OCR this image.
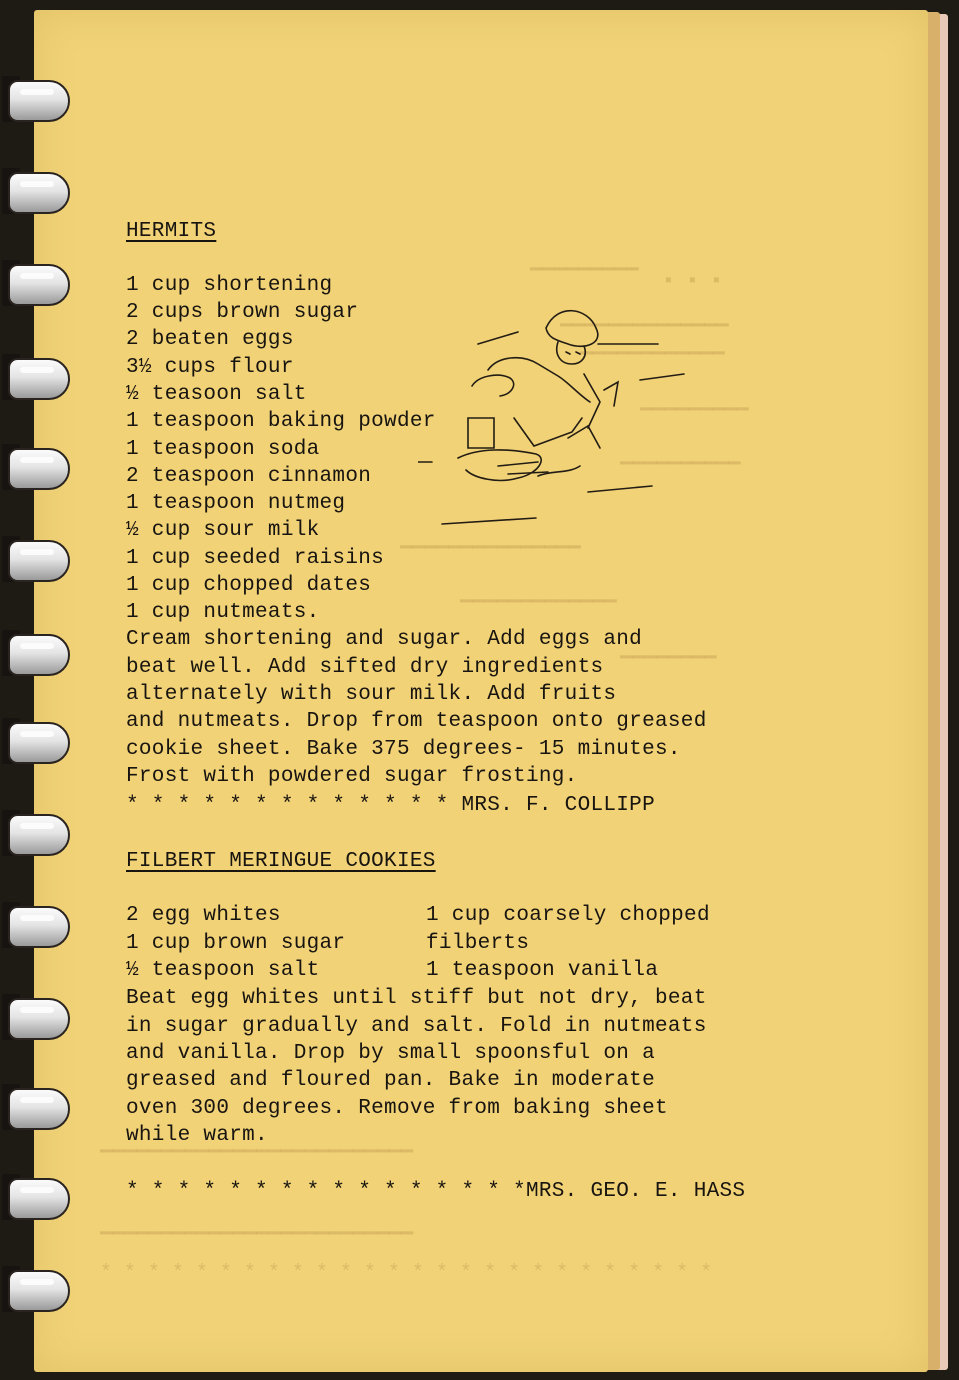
▔▔▔▔▔▔▔▔▔  ▪ ▪ ▪
▔▔▔▔▔▔▔▔▔▔▔▔▔▔
▔▔▔▔▔▔▔▔▔▔▔▔
▔▔▔▔▔▔▔▔▔
▔▔▔▔▔▔▔▔▔▔
▔▔▔▔▔▔▔▔▔▔▔▔▔▔▔
▔▔▔▔▔▔▔▔▔▔▔▔▔
▔▔▔▔▔▔▔▔
▔▔▔▔▔▔▔▔▔▔▔▔▔▔▔▔▔▔▔▔▔▔▔▔▔▔
▔▔▔▔▔▔▔▔▔▔▔▔▔▔▔▔▔▔▔▔▔▔▔▔▔▔
* * * * * * * * * * * * * * * * * * * * * * * * * *
HERMITS
1 cup shortening
2 cups brown sugar
2 beaten eggs
3½ cups flour
½ teasoon salt
1 teaspoon baking powder
1 teaspoon soda
2 teaspoon cinnamon
1 teaspoon nutmeg
½ cup sour milk
1 cup seeded raisins
1 cup chopped dates
1 cup nutmeats.
Cream shortening and sugar. Add eggs and
beat well. Add sifted dry ingredients
alternately with sour milk. Add fruits
and nutmeats. Drop from teaspoon onto greased
cookie sheet. Bake 375 degrees- 15 minutes.
Frost with powdered sugar frosting.
* * * * * * * * * * * * * MRS. F. COLLIPP
FILBERT MERINGUE COOKIES
2 egg whites
1 cup brown sugar
½ teaspoon salt
1 cup coarsely chopped
filberts
1 teaspoon vanilla
Beat egg whites until stiff but not dry, beat
in sugar gradually and salt. Fold in nutmeats
and vanilla. Drop by small spoonsful on a
greased and floured pan. Bake in moderate
oven 300 degrees. Remove from baking sheet
while warm.
* * * * * * * * * * * * * * * *MRS. GEO. E. HASS
